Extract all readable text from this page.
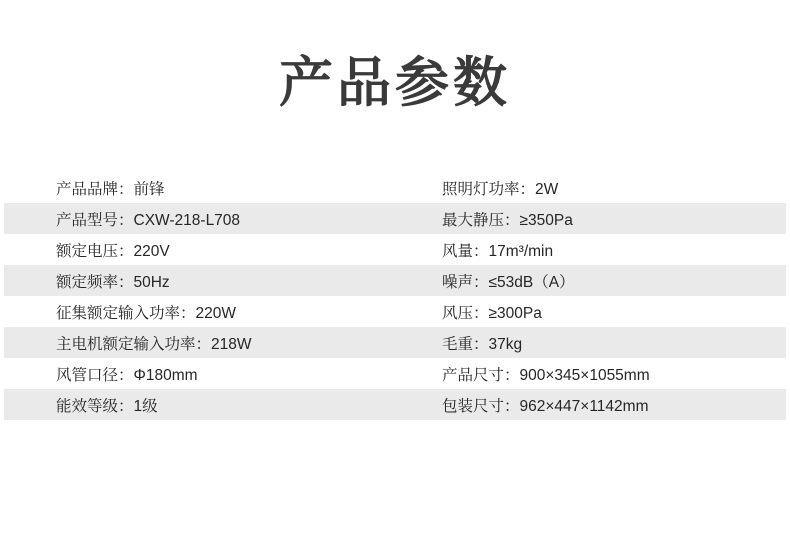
产品参数
产品品牌：前锋	照明灯功率：2W
产品型号：CXW-218-L708	最大静压：≥350Pa
额定电压：220V	风量：17m³/min
额定频率：50Hz	噪声：≤53dB（A）
征集额定输入功率：220W	风压：≥300Pa
主电机额定输入功率：218W	毛重：37kg
风管口径：Φ180mm	产品尺寸：900×345×1055mm
能效等级：1级	包装尺寸：962×447×1142mm
